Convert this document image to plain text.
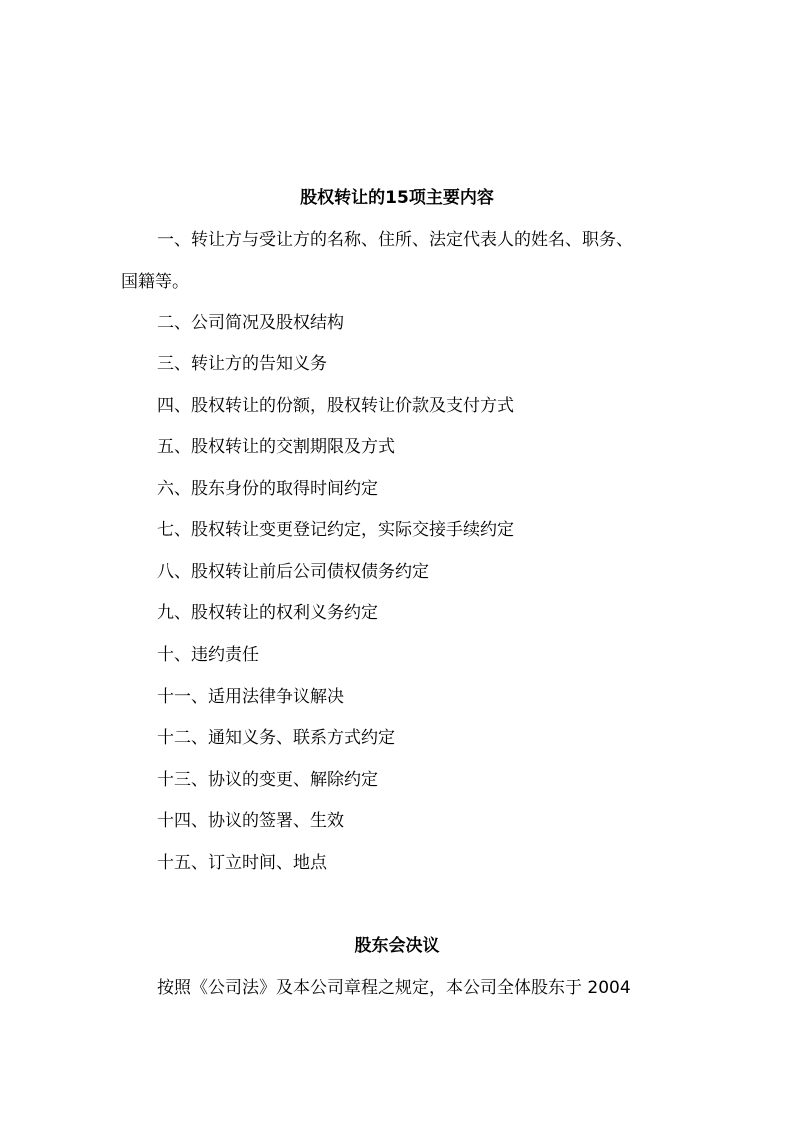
股权转让的15项主要内容

一、转让方与受让方的名称、住所、法定代表人的姓名、职务、

国籍等。

二、公司简况及股权结构

三、转让方的告知义务

四、股权转让的份额，股权转让价款及支付方式

五、股权转让的交割期限及方式

六、股东身份的取得时间约定

七、股权转让变更登记约定，实际交接手续约定

八、股权转让前后公司债权债务约定

九、股权转让的权利义务约定

十、违约责任

十一、适用法律争议解决

十二、通知义务、联系方式约定

十三、协议的变更、解除约定

十四、协议的签署、生效

十五、订立时间、地点

股东会决议

按照《公司法》及本公司章程之规定，本公司全体股东于 2004
